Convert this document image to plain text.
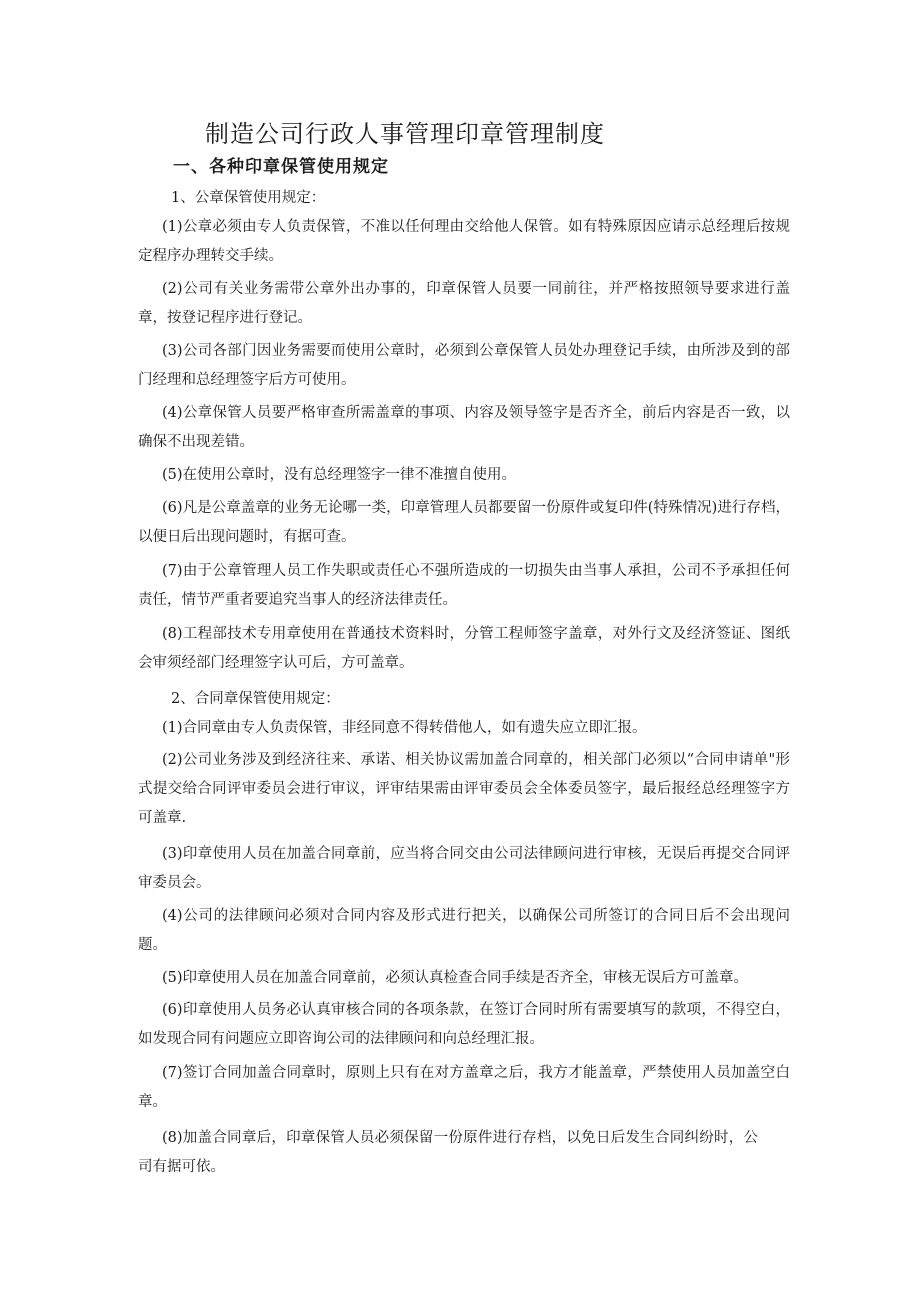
制造公司行政人事管理印章管理制度
一、各种印章保管使用规定

1、公章保管使用规定：

(1)公章必须由专人负责保管，不准以任何理由交给他人保管。如有特殊原因应请示总经理后按规定程序办理转交手续。

(2)公司有关业务需带公章外出办事的，印章保管人员要一同前往，并严格按照领导要求进行盖章，按登记程序进行登记。

(3)公司各部门因业务需要而使用公章时，必须到公章保管人员处办理登记手续，由所涉及到的部门经理和总经理签字后方可使用。

(4)公章保管人员要严格审查所需盖章的事项、内容及领导签字是否齐全，前后内容是否一致，以确保不出现差错。

(5)在使用公章时，没有总经理签字一律不准擅自使用。

(6)凡是公章盖章的业务无论哪一类，印章管理人员都要留一份原件或复印件(特殊情况)进行存档，以便日后出现问题时，有据可查。

(7)由于公章管理人员工作失职或责任心不强所造成的一切损失由当事人承担，公司不予承担任何责任，情节严重者要追究当事人的经济法律责任。

(8)工程部技术专用章使用在普通技术资料时，分管工程师签字盖章，对外行文及经济签证、图纸会审须经部门经理签字认可后，方可盖章。

2、合同章保管使用规定：

(1)合同章由专人负责保管，非经同意不得转借他人，如有遗失应立即汇报。

(2)公司业务涉及到经济往来、承诺、相关协议需加盖合同章的，相关部门必须以“合同申请单"形式提交给合同评审委员会进行审议，评审结果需由评审委员会全体委员签字，最后报经总经理签字方可盖章.

(3)印章使用人员在加盖合同章前，应当将合同交由公司法律顾问进行审核，无误后再提交合同评审委员会。

(4)公司的法律顾问必须对合同内容及形式进行把关，以确保公司所签订的合同日后不会出现问题。

(5)印章使用人员在加盖合同章前，必须认真检查合同手续是否齐全，审核无误后方可盖章。

(6)印章使用人员务必认真审核合同的各项条款，在签订合同时所有需要填写的款项，不得空白，如发现合同有问题应立即咨询公司的法律顾问和向总经理汇报。

(7)签订合同加盖合同章时，原则上只有在对方盖章之后，我方才能盖章，严禁使用人员加盖空白章。

(8)加盖合同章后，印章保管人员必须保留一份原件进行存档，以免日后发生合同纠纷时，公司有据可依。
